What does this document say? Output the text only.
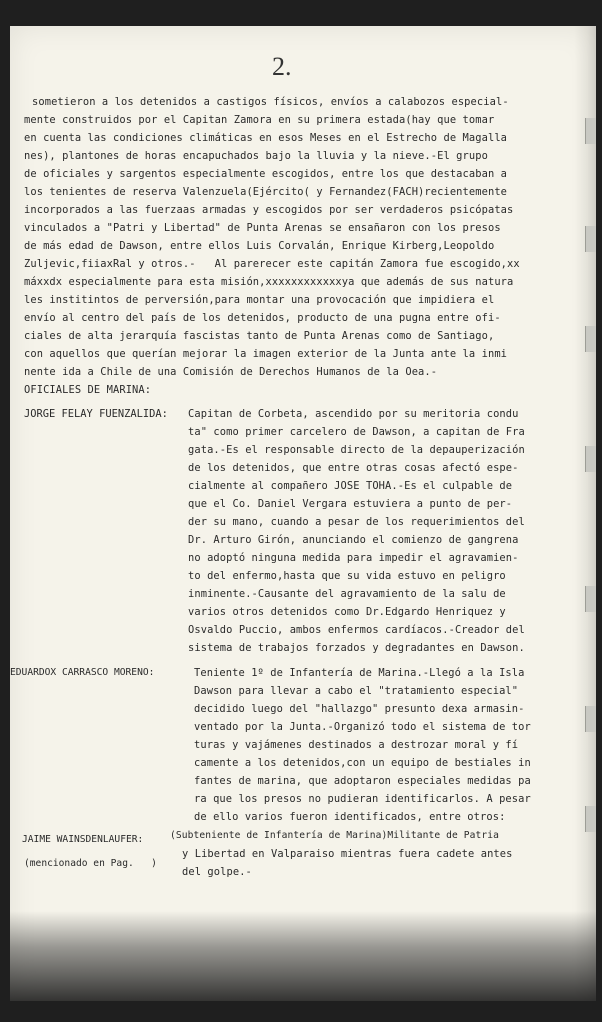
2.
sometieron a los detenidos a castigos físicos, envíos a calabozos especial-
mente construidos por el Capitan Zamora en su primera estada(hay que tomar
en cuenta las condiciones climáticas en esos Meses en el Estrecho de Magalla
nes), plantones de horas encapuchados bajo la lluvia y la nieve.-El grupo
de oficiales y sargentos especialmente escogidos, entre los que destacaban a
los tenientes de reserva Valenzuela(Ejército( y Fernandez(FACH)recientemente
incorporados a las fuerzaas armadas y escogidos por ser verdaderos psicópatas
vinculados a "Patri y Libertad" de Punta Arenas se ensañaron con los presos
de más edad de Dawson, entre ellos Luis Corvalán, Enrique Kirberg,Leopoldo
Zuljevic,fiiaxRal y otros.-   Al parerecer este capitán Zamora fue escogido,xx
máxxdx especialmente para esta misión,xxxxxxxxxxxxya que además de sus natura
les institintos de perversión,para montar una provocación que impidiera el
envío al centro del país de los detenidos, producto de una pugna entre ofi-
ciales de alta jerarquía fascistas tanto de Punta Arenas como de Santiago,
con aquellos que querían mejorar la imagen exterior de la Junta ante la inmi
nente ida a Chile de una Comisión de Derechos Humanos de la Oea.-
OFICIALES DE MARINA:
JORGE FELAY FUENZALIDA: Capitan de Corbeta, ascendido por su meritoria condu
ta" como primer carcelero de Dawson, a capitan de Fra
gata.-Es el responsable directo de la depauperización
de los detenidos, que entre otras cosas afectó espe-
cialmente al compañero JOSE TOHA.-Es el culpable de
que el Co. Daniel Vergara estuviera a punto de per-
der su mano, cuando a pesar de los requerimientos del
Dr. Arturo Girón, anunciando el comienzo de gangrena
no adoptó ninguna medida para impedir el agravamien-
to del enfermo,hasta que su vida estuvo en peligro
inminente.-Causante del agravamiento de la salu de
varios otros detenidos como Dr.Edgardo Henriquez y
Osvaldo Puccio, ambos enfermos cardíacos.-Creador del
sistema de trabajos forzados y degradantes en Dawson.
EDUARDOX CARRASCO MORENO:	Teniente 1º de Infantería de Marina.-Llegó a la Isla
Dawson para llevar a cabo el "tratamiento especial"
decidido luego del "hallazgo" presunto dexa armasin-
ventado por la Junta.-Organizó todo el sistema de tor
turas y vajámenes destinados a destrozar moral y fí
camente a los detenidos,con un equipo de bestiales in
fantes de marina, que adoptaron especiales medidas pa
ra que los presos no pudieran identificarlos. A pesar
de ello varios fueron identificados, entre otros:
JAIME WAINSDENLAUFER:
(mencionado en Pag.   )
(Subteniente de Infantería de Marina)Militante de Patria
y Libertad en Valparaiso mientras fuera cadete antes
del golpe.-
